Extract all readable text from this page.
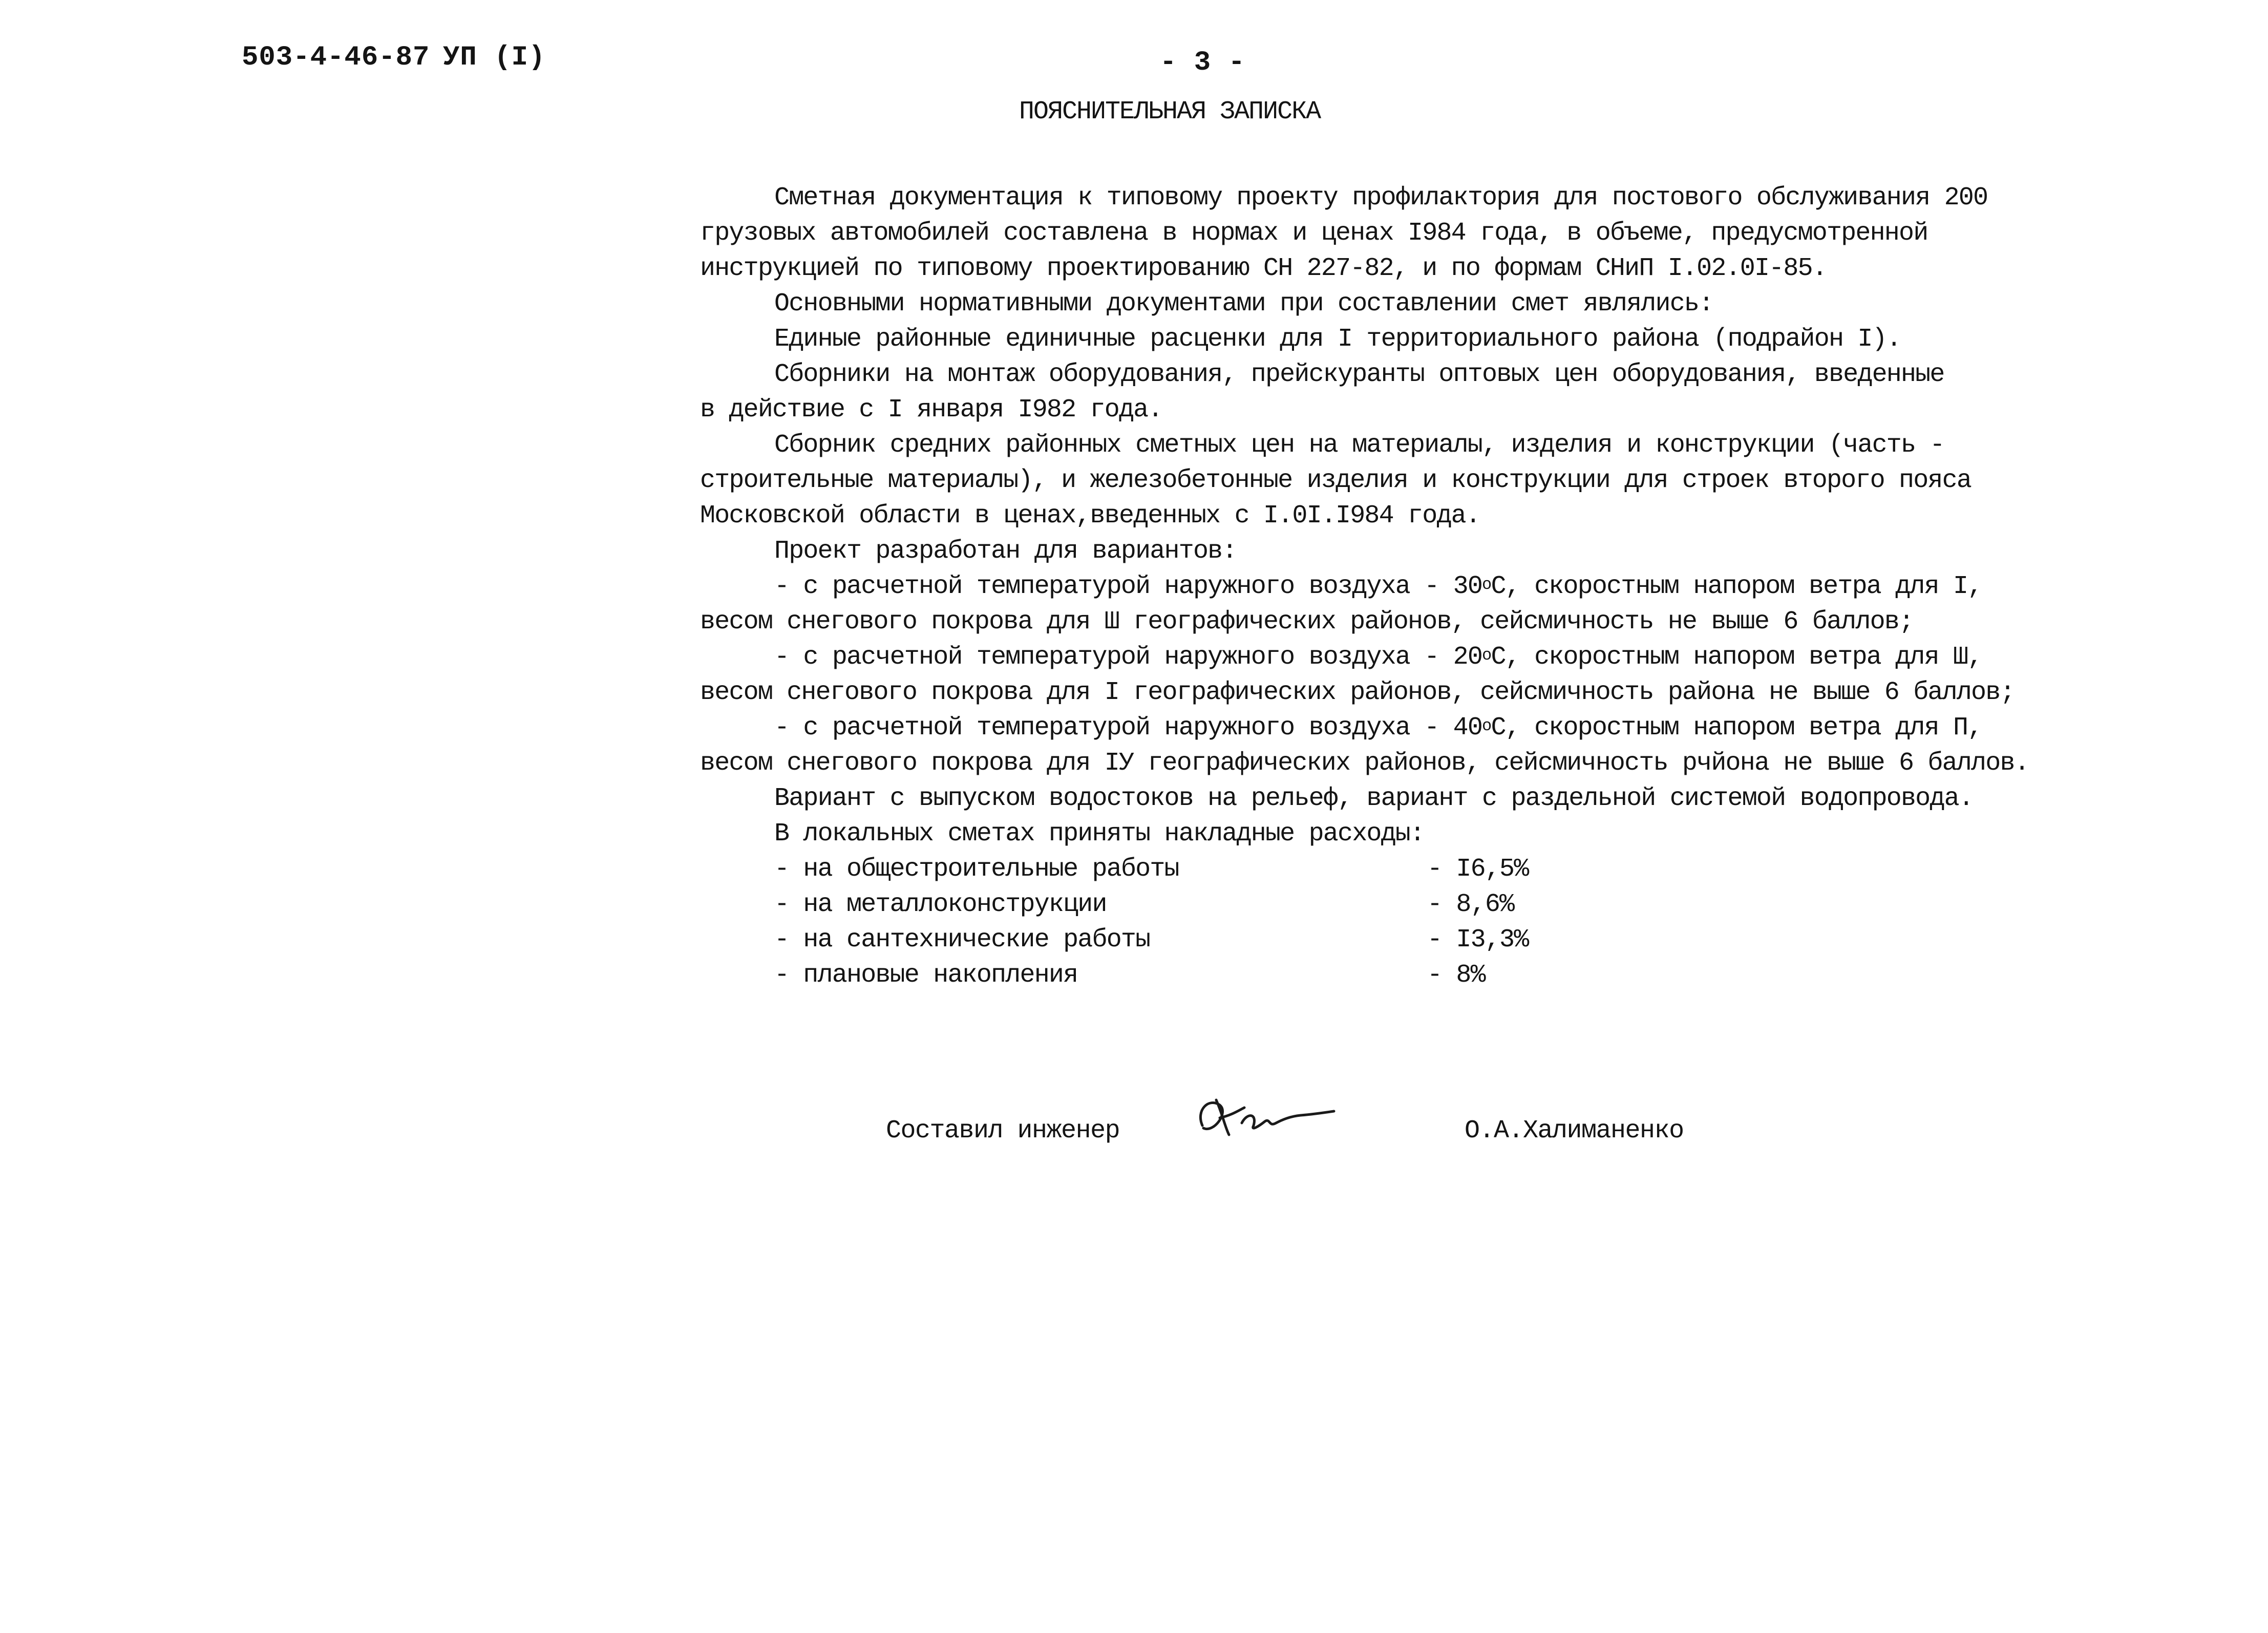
503-4-46-87 УП (I)	- 3 -
ПОЯСНИТЕЛЬНАЯ ЗАПИСКА
Сметная документация к типовому проекту профилактория для постового обслуживания 200
грузовых автомобилей составлена в нормах и ценах I984 года, в объеме, предусмотренной
инструкцией по типовому проектированию СН 227-82, и по формам СНиП I.02.0I-85.
Основными нормативными документами при составлении смет являлись:
Единые районные единичные расценки для I территориального района (подрайон I).
Сборники на монтаж оборудования, прейскуранты оптовых цен оборудования, введенные
в действие с I января I982 года.
Сборник средних районных сметных цен на материалы, изделия и конструкции (часть -
строительные материалы), и железобетонные изделия и конструкции для строек второго пояса
Московской области в ценах,введенных с I.0I.I984 года.
Проект разработан для вариантов:
- с расчетной температурой наружного воздуха - $30^оС$, скоростным напором ветра для I,
весом снегового покрова для Ш географических районов, сейсмичность не выше 6 баллов;
- с расчетной температурой наружного воздуха - $20^оС$, скоростным напором ветра для Ш,
весом снегового покрова для I географических районов, сейсмичность района не выше 6 баллов;
- с расчетной температурой наружного воздуха - $40^оС$, скоростным напором ветра для П,
весом снегового покрова для IУ географических районов, сейсмичность рчйона не выше 6 баллов.
Вариант с выпуском водостоков на рельеф, вариант с раздельной системой водопровода.
В локальных сметах приняты накладные расходы:
- на общестроительные работы	- I6,5%
- на металлоконструкции	- 8,6%
- на сантехнические работы	- I3,3%
- плановые накопления	- 8%
Составил инженер	О.А.Халиманенко
